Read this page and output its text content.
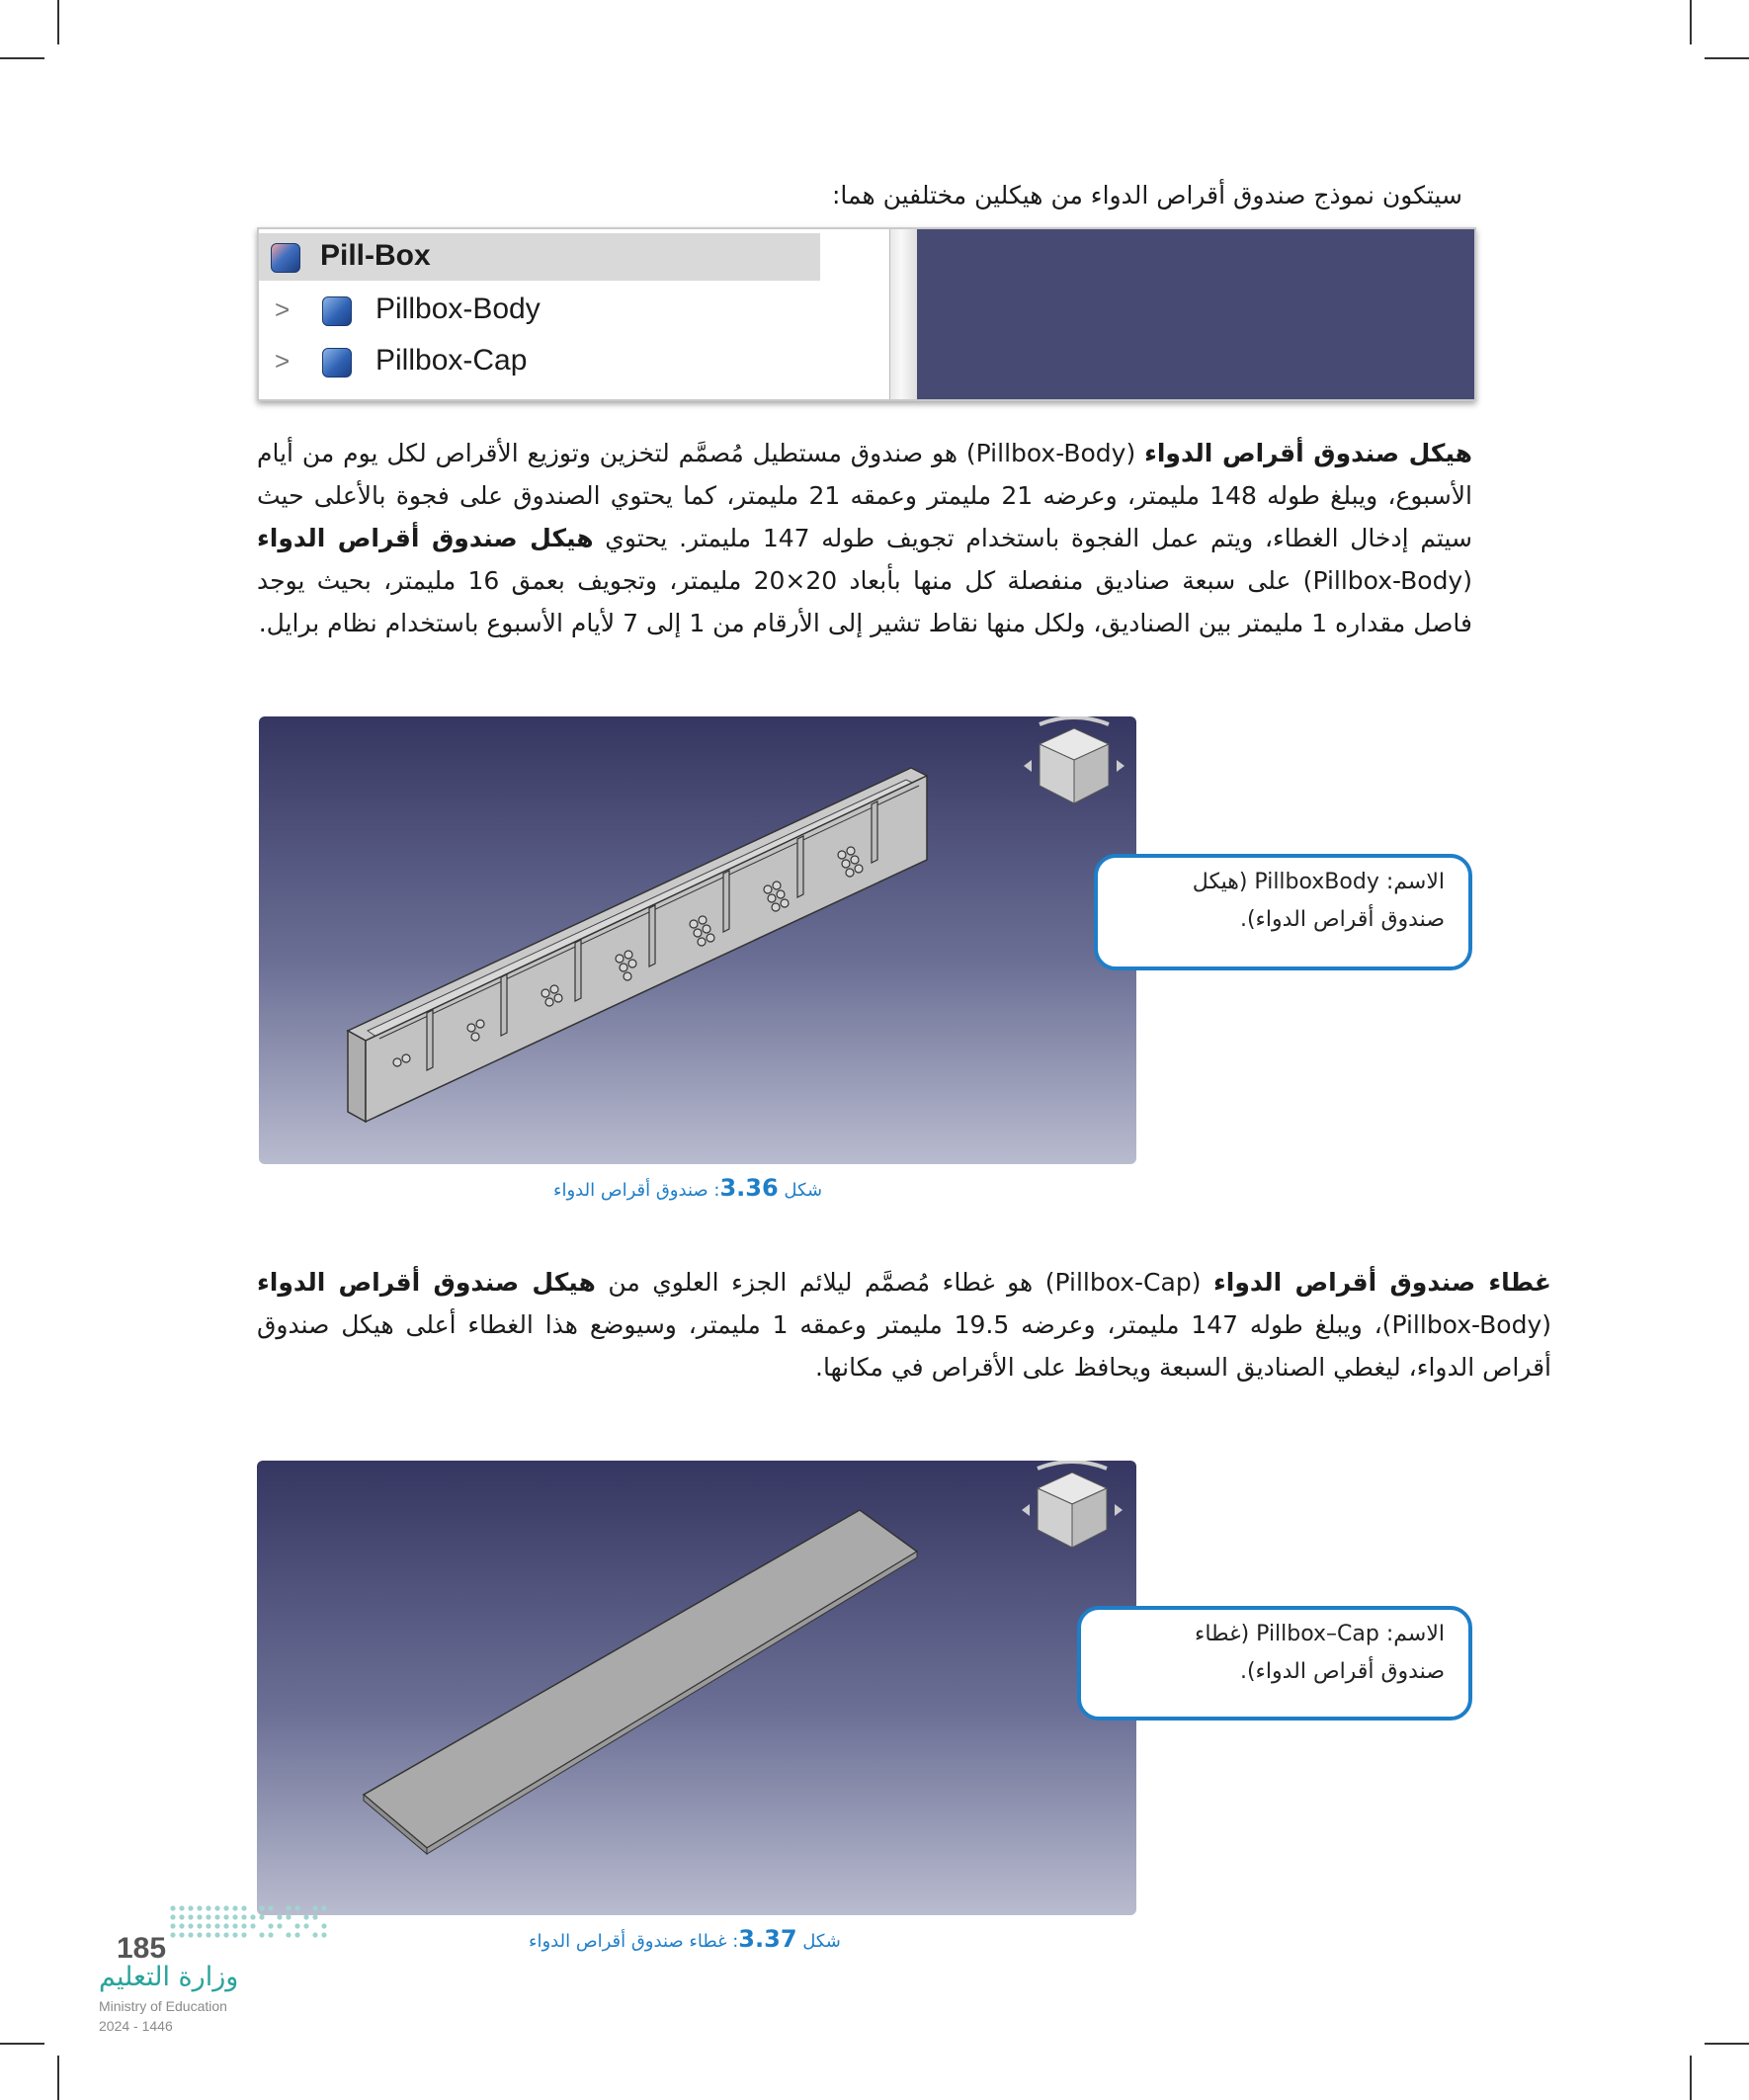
سيتكون نموذج صندوق أقراص الدواء من هيكلين مختلفين هما:
Pill-Box
>	Pillbox-Body
>	Pillbox-Cap
هيكل صندوق أقراص الدواء (Pillbox-Body) هو صندوق مستطيل مُصمَّم لتخزين وتوزيع الأقراص لكل يوم من أيام الأسبوع، ويبلغ طوله 148 مليمتر، وعرضه 21 مليمتر وعمقه 21 مليمتر، كما يحتوي الصندوق على فجوة بالأعلى حيث سيتم إدخال الغطاء، ويتم عمل الفجوة باستخدام تجويف طوله 147 مليمتر. يحتوي هيكل صندوق أقراص الدواء (Pillbox-Body) على سبعة صناديق منفصلة كل منها بأبعاد 20×20 مليمتر، وتجويف بعمق 16 مليمتر، بحيث يوجد فاصل مقداره 1 مليمتر بين الصناديق، ولكل منها نقاط تشير إلى الأرقام من 1 إلى 7 لأيام الأسبوع باستخدام نظام برايل.
الاسم: PillboxBody (هيكل
صندوق أقراص الدواء).
شكل 3.36: صندوق أقراص الدواء
غطاء صندوق أقراص الدواء (Pillbox-Cap) هو غطاء مُصمَّم ليلائم الجزء العلوي من هيكل صندوق أقراص الدواء (Pillbox-Body)، ويبلغ طوله 147 مليمتر، وعرضه 19.5 مليمتر وعمقه 1 مليمتر، وسيوضع هذا الغطاء أعلى هيكل صندوق أقراص الدواء، ليغطي الصناديق السبعة ويحافظ على الأقراص في مكانها.
الاسم: Pillbox–Cap (غطاء
صندوق أقراص الدواء).
شكل 3.37: غطاء صندوق أقراص الدواء
185
وزارة التعليم
Ministry of Education
2024 - 1446
